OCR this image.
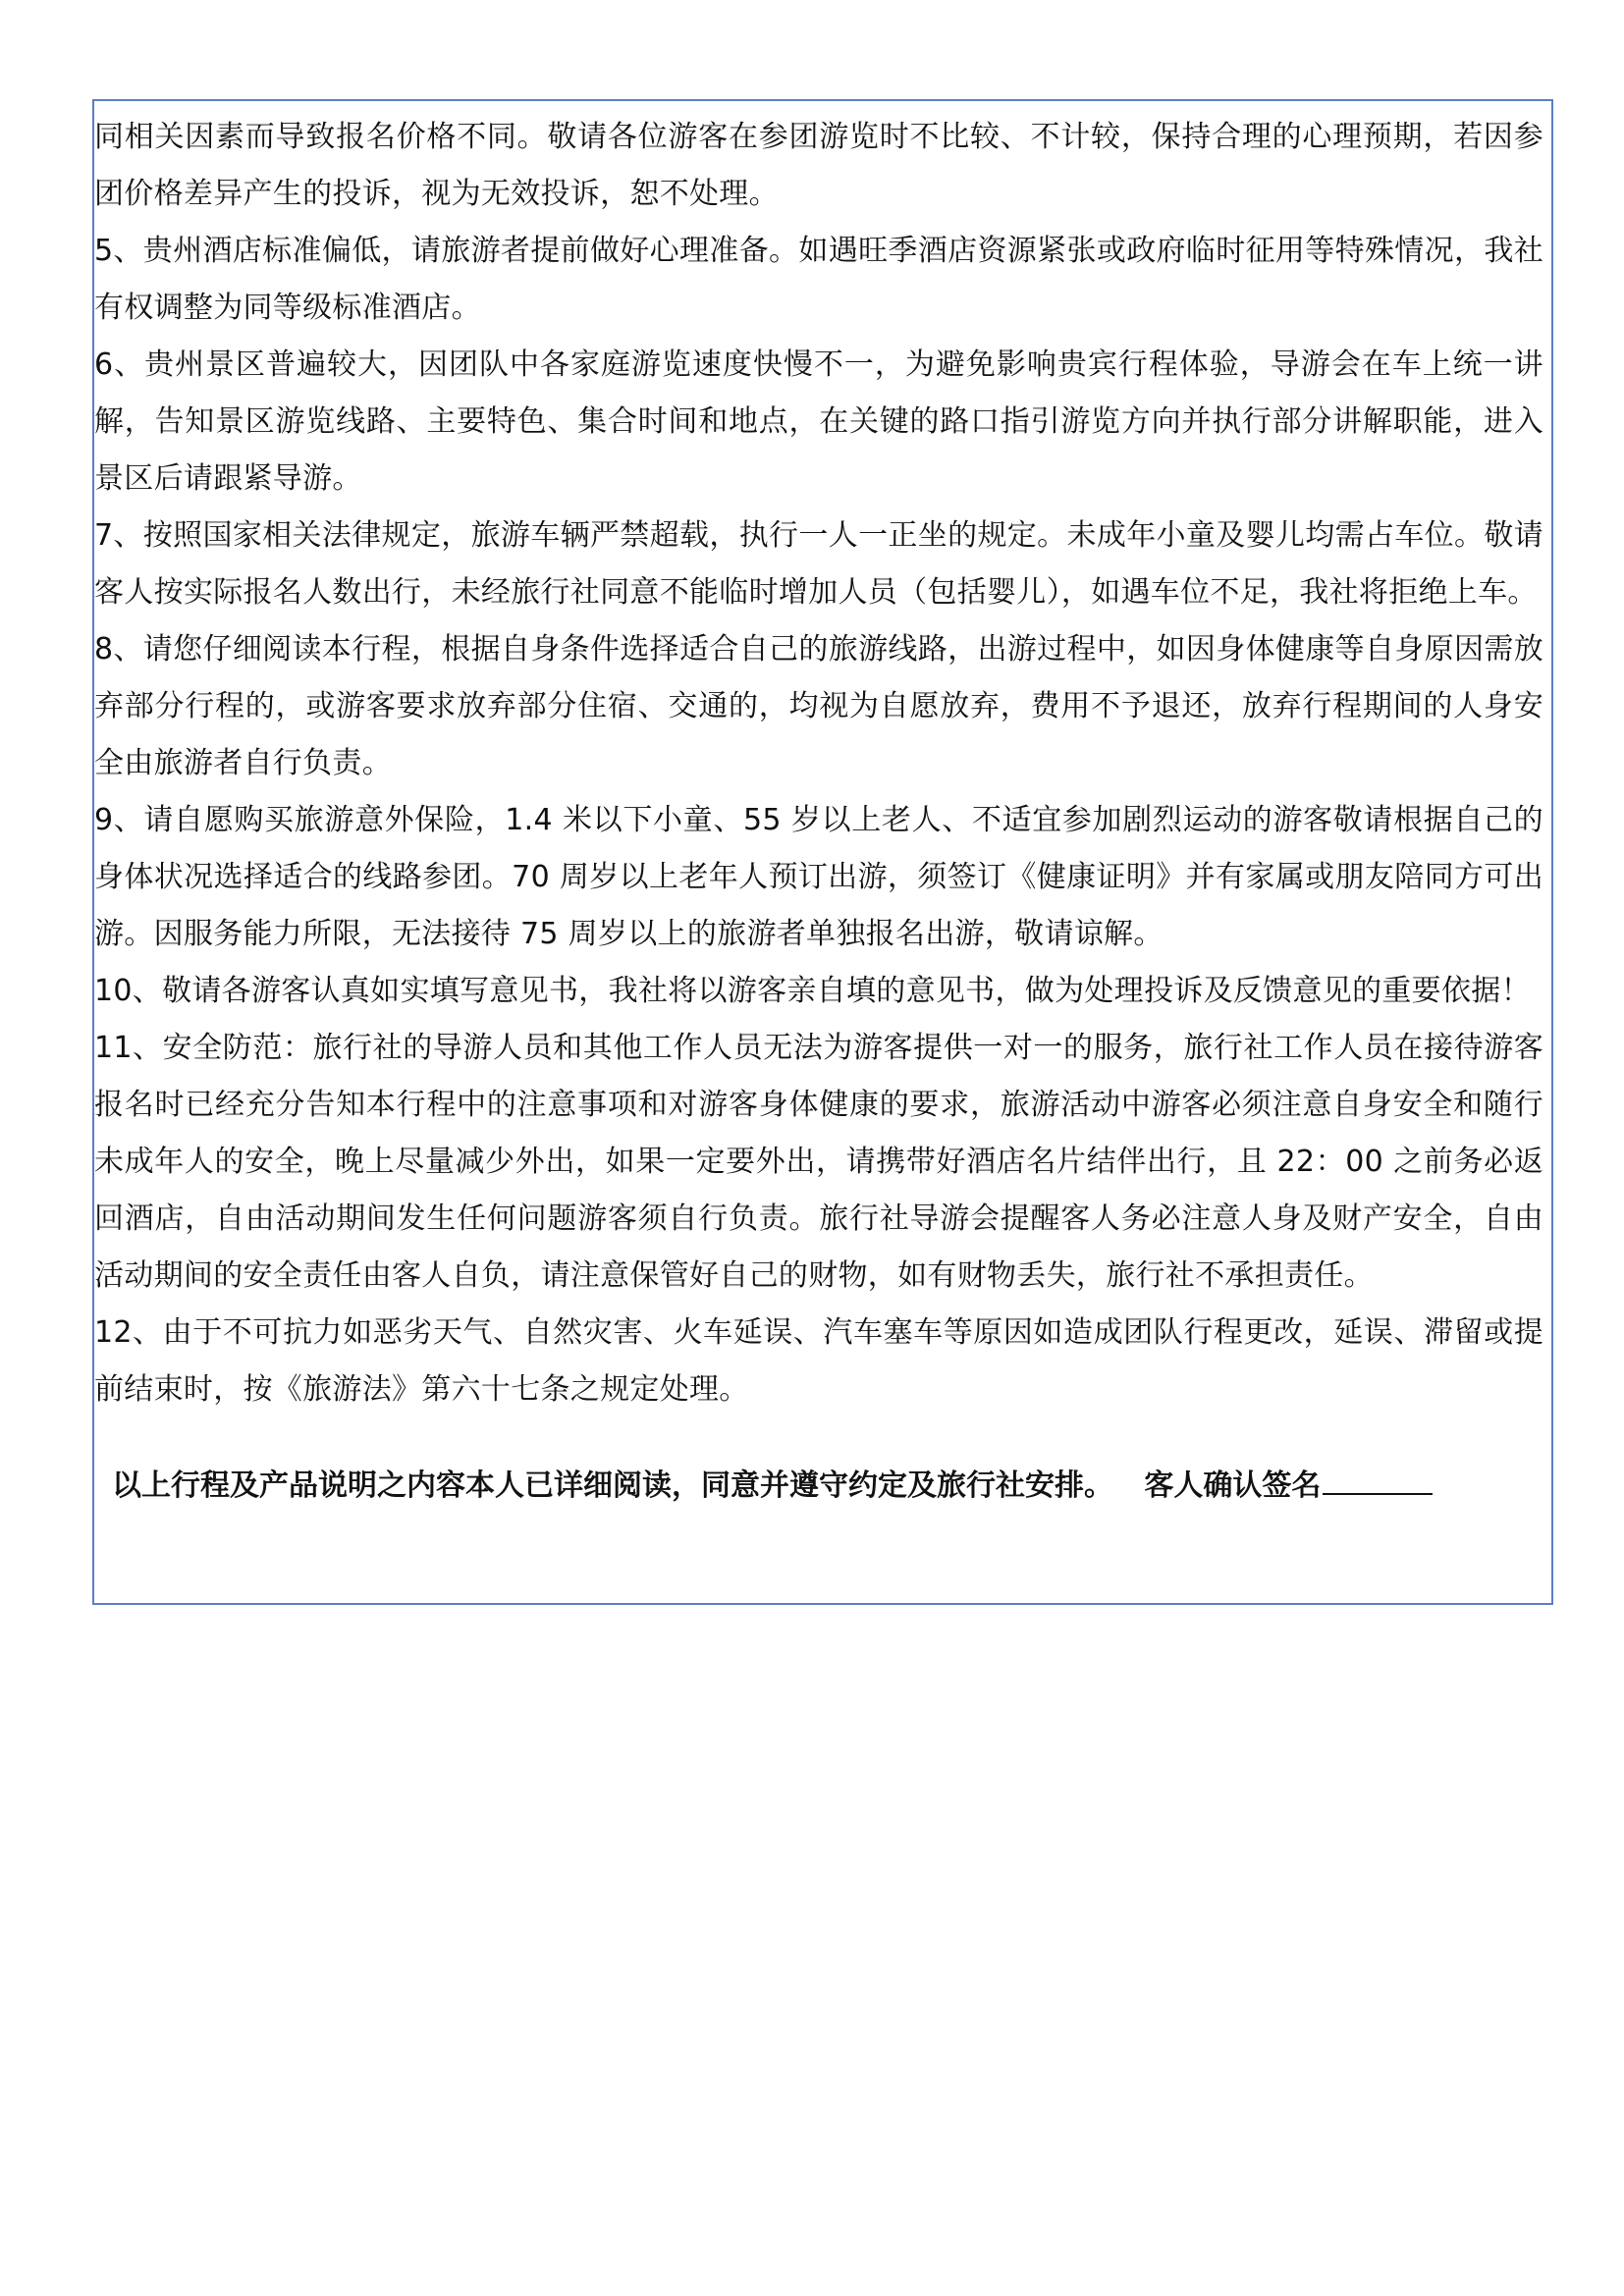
同相关因素而导致报名价格不同。敬请各位游客在参团游览时不比较、不计较，保持合理的心理预期，若因参团价格差异产生的投诉，视为无效投诉，恕不处理。

5、贵州酒店标准偏低，请旅游者提前做好心理准备。如遇旺季酒店资源紧张或政府临时征用等特殊情况，我社有权调整为同等级标准酒店。

6、贵州景区普遍较大，因团队中各家庭游览速度快慢不一，为避免影响贵宾行程体验，导游会在车上统一讲解，告知景区游览线路、主要特色、集合时间和地点，在关键的路口指引游览方向并执行部分讲解职能，进入景区后请跟紧导游。

7、按照国家相关法律规定，旅游车辆严禁超载，执行一人一正坐的规定。未成年小童及婴儿均需占车位。敬请客人按实际报名人数出行，未经旅行社同意不能临时增加人员（包括婴儿），如遇车位不足，我社将拒绝上车。

8、请您仔细阅读本行程，根据自身条件选择适合自己的旅游线路，出游过程中，如因身体健康等自身原因需放弃部分行程的，或游客要求放弃部分住宿、交通的，均视为自愿放弃，费用不予退还，放弃行程期间的人身安全由旅游者自行负责。

9、请自愿购买旅游意外保险，1.4 米以下小童、55 岁以上老人、不适宜参加剧烈运动的游客敬请根据自己的身体状况选择适合的线路参团。70 周岁以上老年人预订出游，须签订《健康证明》并有家属或朋友陪同方可出游。因服务能力所限，无法接待 75 周岁以上的旅游者单独报名出游，敬请谅解。

10、敬请各游客认真如实填写意见书，我社将以游客亲自填的意见书，做为处理投诉及反馈意见的重要依据！

11、安全防范：旅行社的导游人员和其他工作人员无法为游客提供一对一的服务，旅行社工作人员在接待游客报名时已经充分告知本行程中的注意事项和对游客身体健康的要求，旅游活动中游客必须注意自身安全和随行未成年人的安全，晚上尽量减少外出，如果一定要外出，请携带好酒店名片结伴出行，且 22：00 之前务必返回酒店，自由活动期间发生任何问题游客须自行负责。旅行社导游会提醒客人务必注意人身及财产安全，自由活动期间的安全责任由客人自负，请注意保管好自己的财物，如有财物丢失，旅行社不承担责任。

12、由于不可抗力如恶劣天气、自然灾害、火车延误、汽车塞车等原因如造成团队行程更改，延误、滞留或提前结束时，按《旅游法》第六十七条之规定处理。

以上行程及产品说明之内容本人已详细阅读，同意并遵守约定及旅行社安排。 客人确认签名
